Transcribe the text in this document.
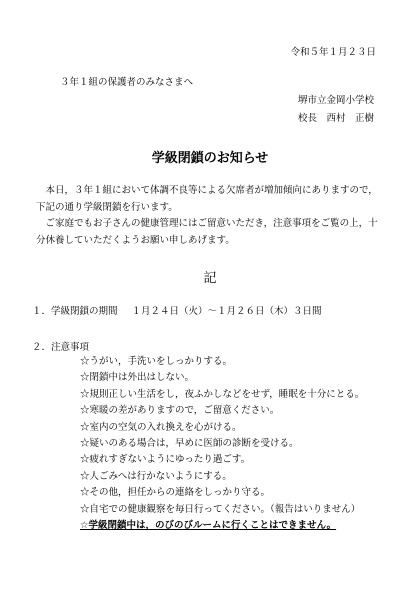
令和５年１月２３日
３年１組の保護者のみなさまへ
堺市立金岡小学校
校長　西村　正樹
学級閉鎖のお知らせ

本日，３年１組において体調不良等による欠席者が増加傾向にありますので，下記の通り学級閉鎖を行います。

ご家庭でもお子さんの健康管理にはご留意いただき，注意事項をご覧の上，十分休養していただくようお願い申しあげます。

記
１．学級閉鎖の期間 １月２４日（火）～１月２６日（木）３日間
２．注意事項
☆うがい，手洗いをしっかりする。
☆閉鎖中は外出はしない。
☆規則正しい生活をし，夜ふかしなどをせず，睡眠を十分にとる。
☆寒暖の差がありますので，ご留意ください。
☆室内の空気の入れ換えを心がける。
☆疑いのある場合は，早めに医師の診断を受ける。
☆疲れすぎないようにゆったり過ごす。
☆人ごみへは行かないようにする。
☆その他，担任からの連絡をしっかり守る。
☆自宅での健康観察を毎日行ってください。（報告はいりません）
☆学級閉鎖中は，のびのびルームに行くことはできません。
